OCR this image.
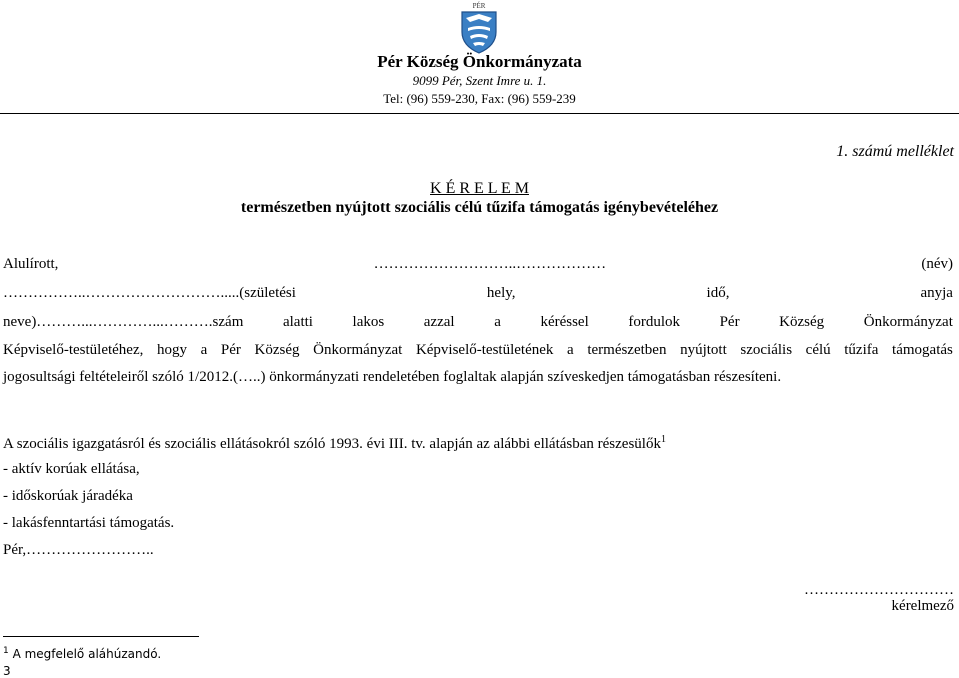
PÉR
Pér Község Önkormányzata
9099 Pér, Szent Imre u. 1.
Tel: (96) 559-230, Fax: (96) 559-239
1. számú melléklet
K É R E L E M
természetben nyújtott szociális célú tűzifa támogatás igénybevételéhez
Alulírott,	………………………..………………	(név)
……………..……………………….....(születési	hely,	idő,	anyja
neve)………...…………...……….szám	alatti	lakos	azzal	a	kéréssel	fordulok	Pér	Község	Önkormányzat
Képviselő-testületéhez, hogy a Pér Község Önkormányzat Képviselő-testületének a természetben nyújtott szociális célú tűzifa támogatás
jogosultsági feltételeiről szóló 1/2012.(…..) önkormányzati rendeletében foglaltak alapján szíveskedjen támogatásban részesíteni.
A szociális igazgatásról és szociális ellátásokról szóló 1993. évi III. tv. alapján az alábbi ellátásban részesülők$^1$
- aktív korúak ellátása,
- időskorúak járadéka
- lakásfenntartási támogatás.
Pér,……………………..
…………………………
kérelmező
$^1$ A megfelelő aláhúzandó.
3
